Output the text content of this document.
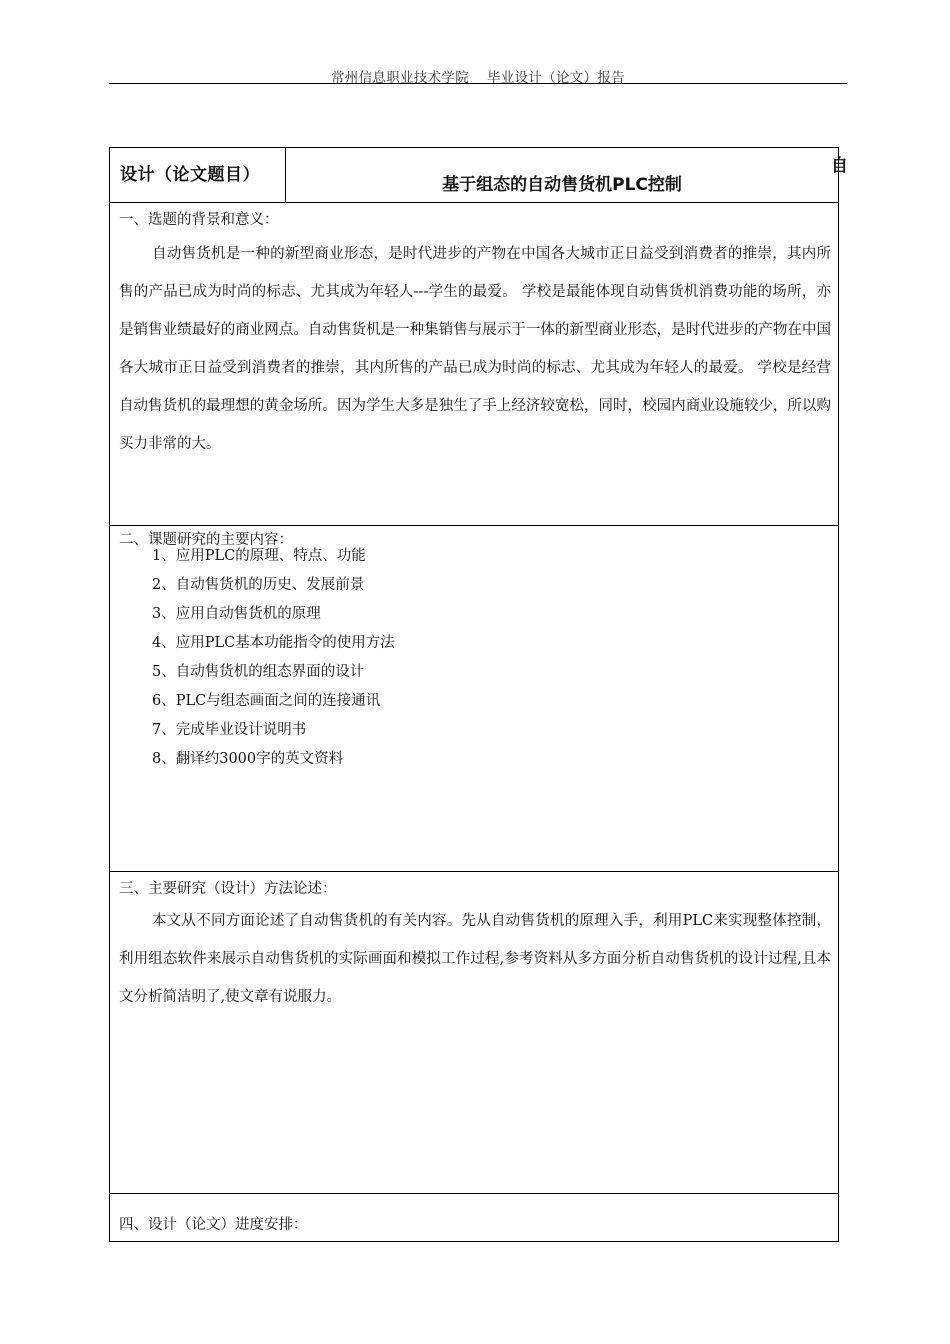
常州信息职业技术学院 毕业设计（论文）报告
自
设计（论文题目）	基于组态的自动售货机PLC控制
一、选题的背景和意义：

自动售货机是一种的新型商业形态，是时代进步的产物在中国各大城市正日益受到消费者的推崇，其内所售的产品已成为时尚的标志、尤其成为年轻人---学生的最爱。 学校是最能体现自动售货机消费功能的场所，亦是销售业绩最好的商业网点。自动售货机是一种集销售与展示于一体的新型商业形态，是时代进步的产物在中国各大城市正日益受到消费者的推崇，其内所售的产品已成为时尚的标志、尤其成为年轻人的最爱。 学校是经营自动售货机的最理想的黄金场所。因为学生大多是独生了手上经济较宽松，同时，校园内商业设施较少，所以购买力非常的大。

二、课题研究的主要内容：
1、应用PLC的原理、特点、功能
2、自动售货机的历史、发展前景
3、应用自动售货机的原理
4、应用PLC基本功能指令的使用方法
5、自动售货机的组态界面的设计
6、PLC与组态画面之间的连接通讯
7、完成毕业设计说明书
8、翻译约3000字的英文资料
三、主要研究（设计）方法论述：

本文从不同方面论述了自动售货机的有关内容。先从自动售货机的原理入手，利用PLC来实现整体控制，利用组态软件来展示自动售货机的实际画面和模拟工作过程,参考资料从多方面分析自动售货机的设计过程,且本文分析简洁明了,使文章有说服力。

四、设计（论文）进度安排：
